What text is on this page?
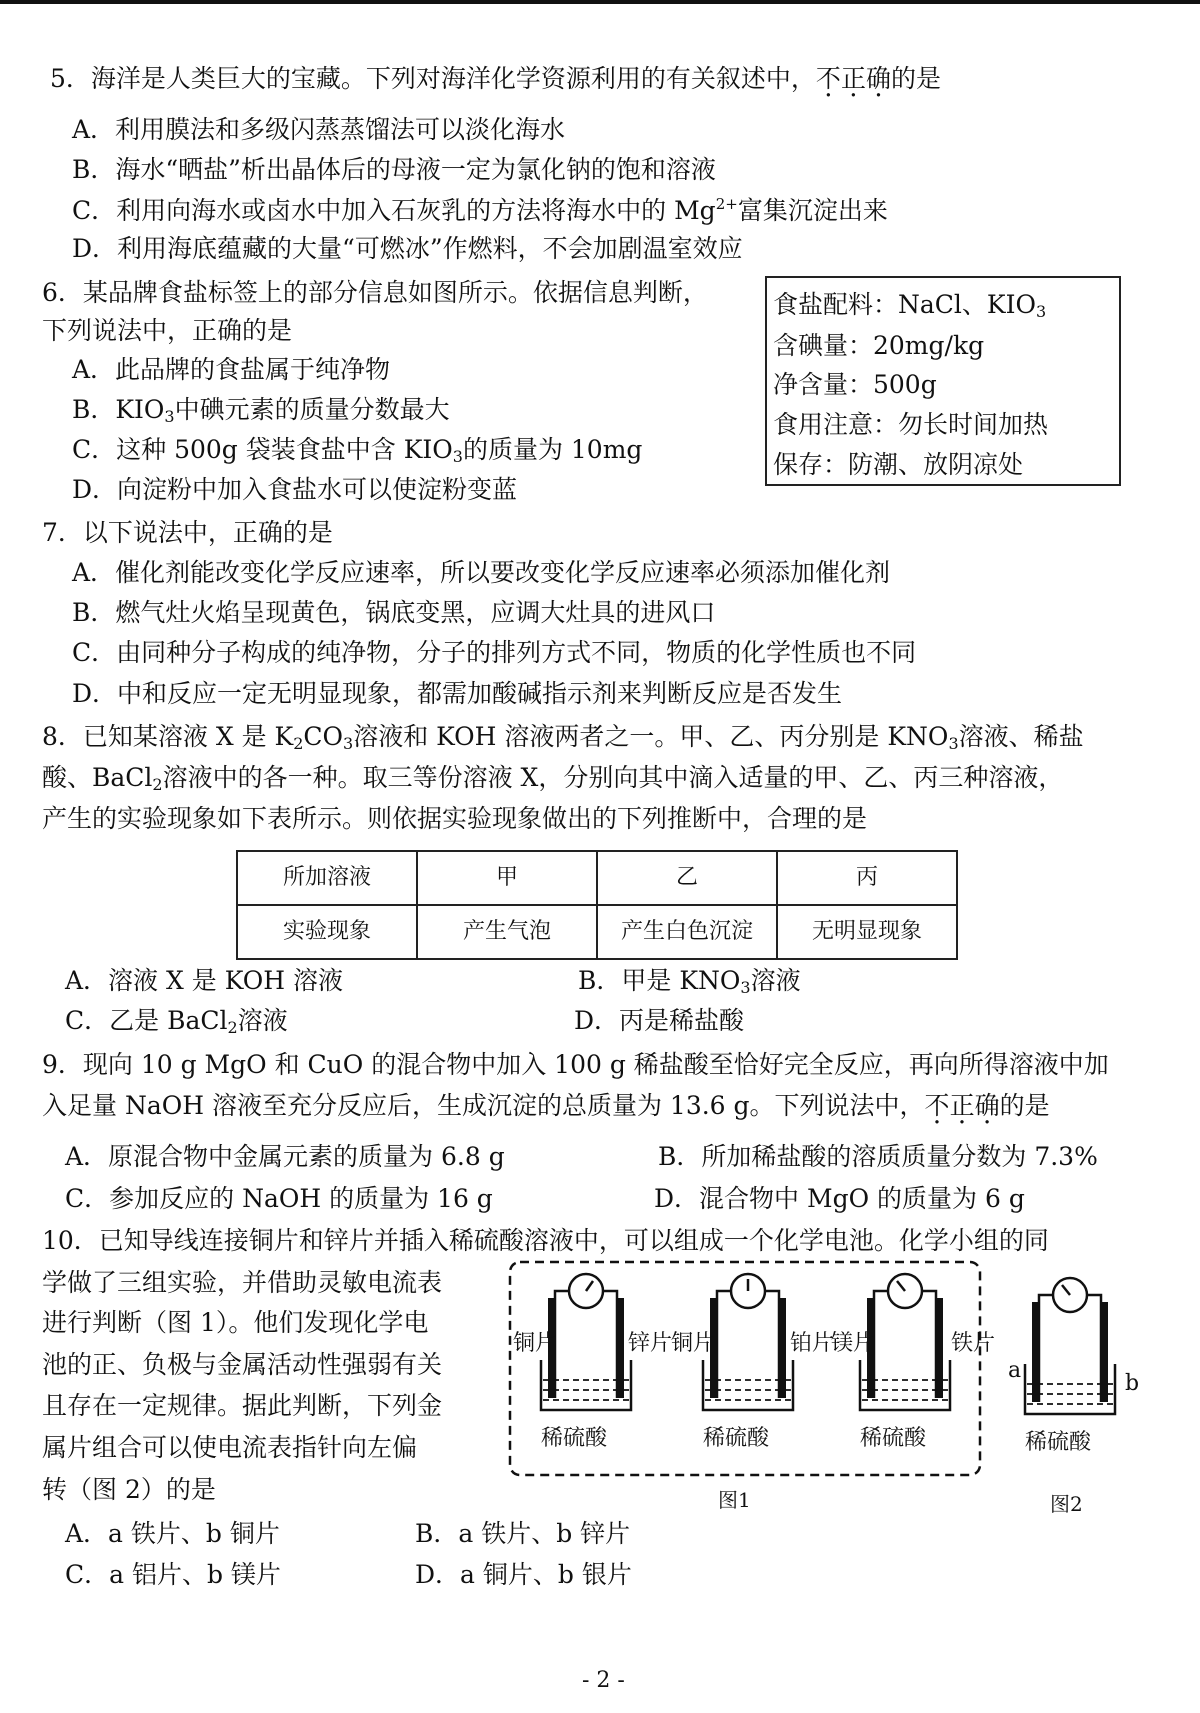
5．海洋是人类巨大的宝藏。下列对海洋化学资源利用的有关叙述中，不正确的是
A．利用膜法和多级闪蒸蒸馏法可以淡化海水
B．海水“晒盐”析出晶体后的母液一定为氯化钠的饱和溶液
C．利用向海水或卤水中加入石灰乳的方法将海水中的 $Mg^{2+}$富集沉淀出来
D．利用海底蕴藏的大量“可燃冰”作燃料，不会加剧温室效应
6．某品牌食盐标签上的部分信息如图所示。依据信息判断，
下列说法中，正确的是
A．此品牌的食盐属于纯净物
B．$KIO_3$中碘元素的质量分数最大
C．这种 500g 袋装食盐中含 $KIO_3$的质量为 10mg
D．向淀粉中加入食盐水可以使淀粉变蓝
食盐配料：NaCl、$KIO_3$
含碘量：20mg/kg
净含量：500g
食用注意：勿长时间加热
保存：防潮、放阴凉处
7．以下说法中，正确的是
A．催化剂能改变化学反应速率，所以要改变化学反应速率必须添加催化剂
B．燃气灶火焰呈现黄色，锅底变黑，应调大灶具的进风口
C．由同种分子构成的纯净物，分子的排列方式不同，物质的化学性质也不同
D．中和反应一定无明显现象，都需加酸碱指示剂来判断反应是否发生
8．已知某溶液 X 是 $K_2CO_3$溶液和 KOH 溶液两者之一。甲、乙、丙分别是 $KNO_3$溶液、稀盐
酸、BaCl$_2$溶液中的各一种。取三等份溶液 X，分别向其中滴入适量的甲、乙、丙三种溶液，
产生的实验现象如下表所示。则依据实验现象做出的下列推断中，合理的是
所加溶液	甲	乙	丙
实验现象	产生气泡	产生白色沉淀	无明显现象
A．溶液 X 是 KOH 溶液	B．甲是 $KNO_3$溶液
C．乙是 BaCl$_2$溶液	D．丙是稀盐酸
9．现向 10 g MgO 和 CuO 的混合物中加入 100 g 稀盐酸至恰好完全反应，再向所得溶液中加
入足量 NaOH 溶液至充分反应后，生成沉淀的总质量为 13.6 g。下列说法中，不正确的是
A．原混合物中金属元素的质量为 6.8 g	B．所加稀盐酸的溶质质量分数为 7.3%
C．参加反应的 NaOH 的质量为 16 g	D．混合物中 MgO 的质量为 6 g
10．已知导线连接铜片和锌片并插入稀硫酸溶液中，可以组成一个化学电池。化学小组的同
学做了三组实验，并借助灵敏电流表
进行判断（图 1）。他们发现化学电
池的正、负极与金属活动性强弱有关
且存在一定规律。据此判断，下列金
属片组合可以使电流表指针向左偏
转（图 2）的是
A．a 铁片、b 铜片	B．a 铁片、b 锌片
C．a 铝片、b 镁片	D．a 铜片、b 银片
铜片	锌片
稀硫酸
铜片	铂片
稀硫酸
镁片	铁片
稀硫酸
a
b
稀硫酸
图1	图2
- 2 -
